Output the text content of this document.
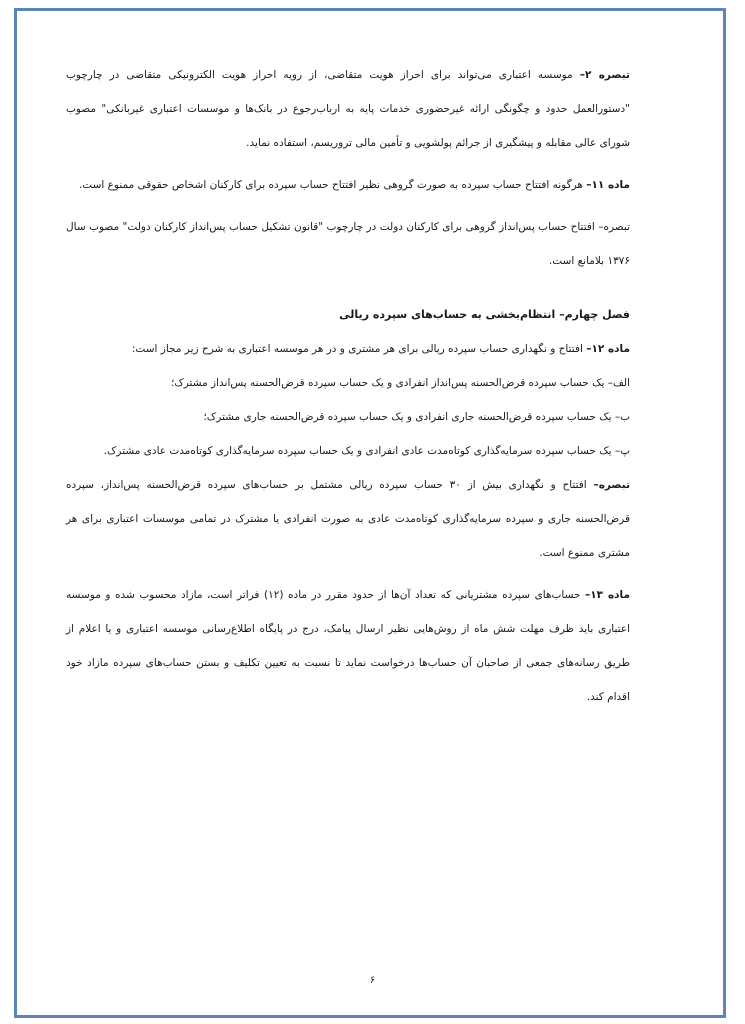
تبصره ۲– موسسه اعتباری می‌تواند برای احراز هویت متقاضی، از رویه احراز هویت الکترونیکی متقاضی در چارچوب "دستورالعمل حدود و چگونگی ارائه غیرحضوری خدمات پایه به ارباب‌رجوع در بانک‌ها و موسسات اعتباری غیربانکی" مصوب شورای عالی مقابله و پیشگیری از جرائم پولشویی و تأمین مالی تروریسم، استفاده نماید.

ماده ۱۱– هرگونه افتتاح حساب سپرده به صورت گروهی نظیر افتتاح حساب سپرده برای کارکنان اشخاص حقوقی ممنوع است.

تبصره– افتتاح حساب پس‌انداز گروهی برای کارکنان دولت در چارچوب "قانون تشکیل حساب پس‌انداز کارکنان دولت" مصوب سال ۱۳۷۶ بلامانع است.

فصل چهارم– انتظام‌بخشی به حساب‌های سپرده ریالی

ماده ۱۲– افتتاح و نگهداری حساب سپرده ریالی برای هر مشتری و در هر موسسه اعتباری به شرح زیر مجاز است:

الف– یک حساب سپرده قرض‌الحسنه پس‌انداز انفرادی و یک حساب سپرده قرض‌الحسنه پس‌انداز مشترک؛

ب– یک حساب سپرده قرض‌الحسنه جاری انفرادی و یک حساب سپرده قرض‌الحسنه جاری مشترک؛

پ– یک حساب سپرده سرمایه‌گذاری کوتاه‌مدت عادی انفرادی و یک حساب سپرده سرمایه‌گذاری کوتاه‌مدت عادی مشترک.

تبصره– افتتاح و نگهداری بیش از ۳۰ حساب سپرده ریالی مشتمل بر حساب‌های سپرده قرض‌الحسنه پس‌انداز، سپرده قرض‌الحسنه جاری و سپرده سرمایه‌گذاری کوتاه‌مدت عادی به صورت انفرادی یا مشترک در تمامی موسسات اعتباری برای هر مشتری ممنوع است.

ماده ۱۳– حساب‌های سپرده مشتریانی که تعداد آن‌ها از حدود مقرر در ماده (۱۲) فراتر است، مازاد محسوب شده و موسسه اعتباری باید ظرف مهلت شش ماه از روش‌هایی نظیر ارسال پیامک، درج در پایگاه اطلاع‌رسانی موسسه اعتباری و یا اعلام از طریق رسانه‌های جمعی از صاحبان آن حساب‌ها درخواست نماید تا نسبت به تعیین تکلیف و بستن حساب‌های سپرده مازاد خود اقدام کند.

۶
